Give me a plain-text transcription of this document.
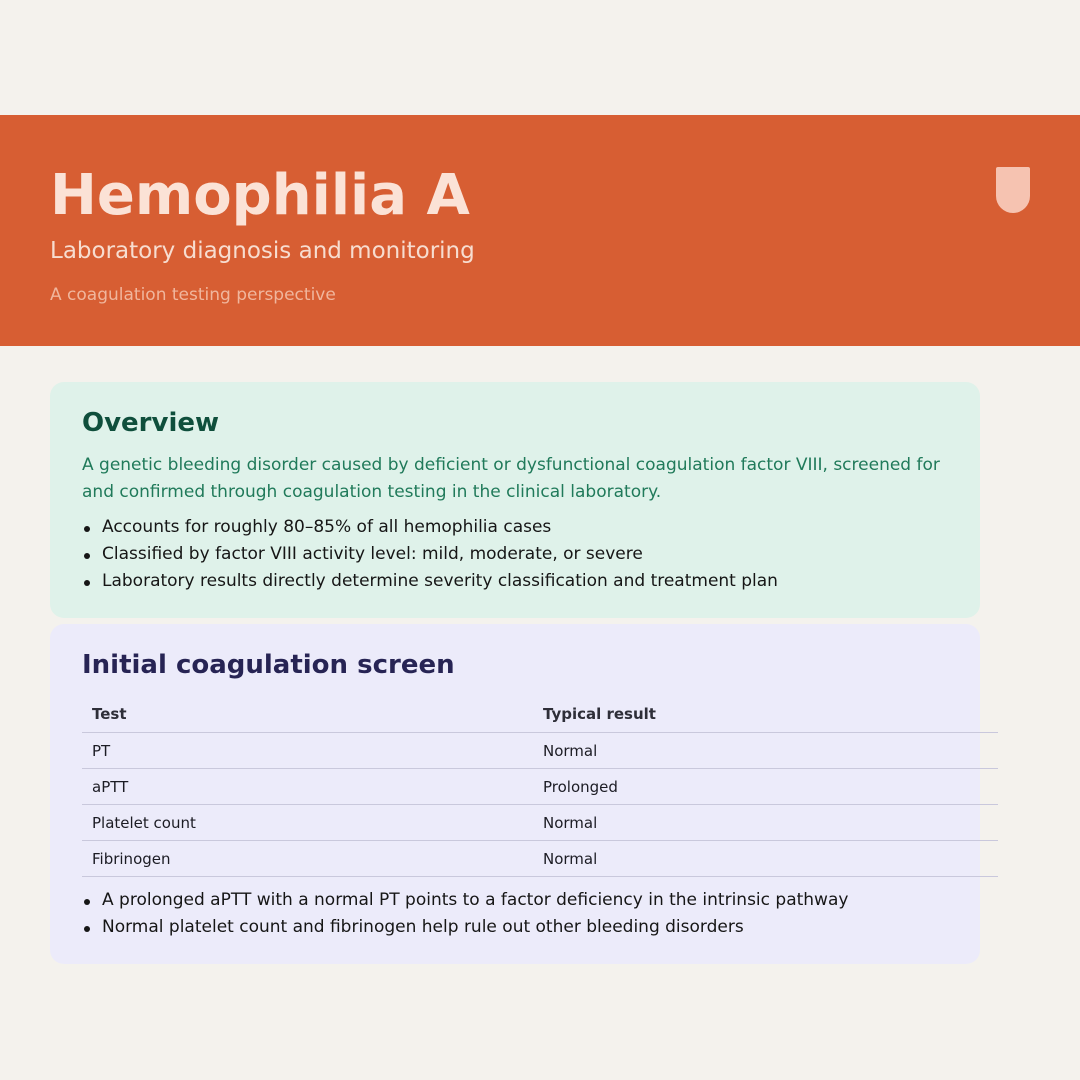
Hemophilia A
Laboratory diagnosis and monitoring
A coagulation testing perspective
Overview

A genetic bleeding disorder caused by deficient or dysfunctional coagulation factor VIII, screened for and confirmed through coagulation testing in the clinical laboratory.

Accounts for roughly 80–85% of all hemophilia cases
Classified by factor VIII activity level: mild, moderate, or severe
Laboratory results directly determine severity classification and treatment plan
Initial coagulation screen
Test	Typical result
PT	Normal
aPTT	Prolonged
Platelet count	Normal
Fibrinogen	Normal
A prolonged aPTT with a normal PT points to a factor deficiency in the intrinsic pathway
Normal platelet count and fibrinogen help rule out other bleeding disorders
